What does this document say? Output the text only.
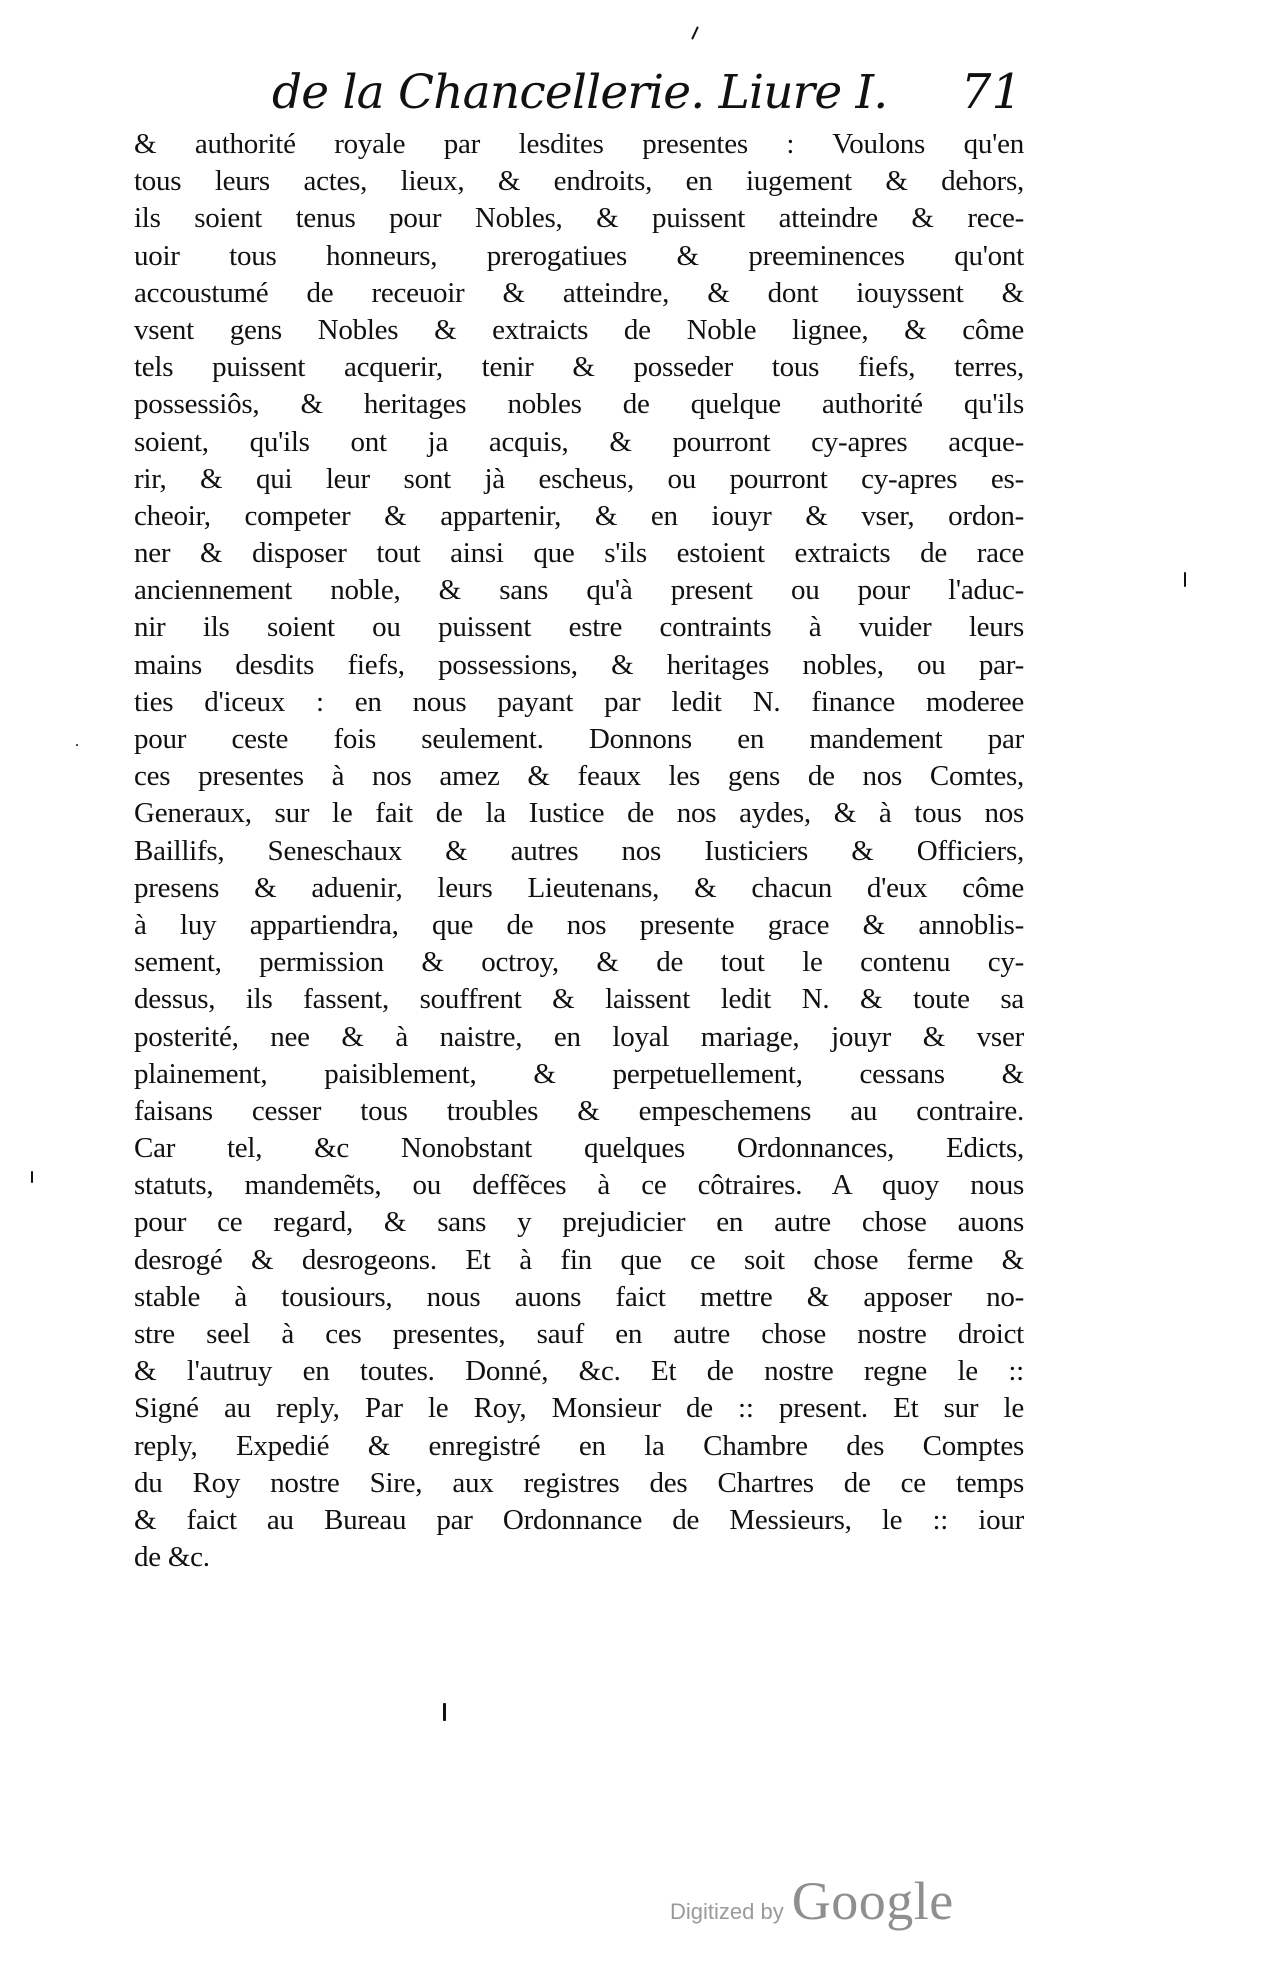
de la Chancellerie. Liure I. 71
& authorité royale par lesdites presentes : Voulons qu'en
tous leurs actes, lieux, & endroits, en iugement & dehors,
ils soient tenus pour Nobles, & puissent atteindre & rece-
uoir tous honneurs, prerogatiues & preeminences qu'ont
accoustumé de receuoir & atteindre, & dont iouyssent &
vsent gens Nobles & extraicts de Noble lignee, & côme
tels puissent acquerir, tenir & posseder tous fiefs, terres,
possessiôs, & heritages nobles de quelque authorité qu'ils
soient, qu'ils ont ja acquis, & pourront cy-apres acque-
rir, & qui leur sont jà escheus, ou pourront cy-apres es-
cheoir, competer & appartenir, & en iouyr & vser, ordon-
ner & disposer tout ainsi que s'ils estoient extraicts de race
anciennement noble, & sans qu'à present ou pour l'aduc-
nir ils soient ou puissent estre contraints à vuider leurs
mains desdits fiefs, possessions, & heritages nobles, ou par-
ties d'iceux : en nous payant par ledit N. finance moderee
pour ceste fois seulement. Donnons en mandement par
ces presentes à nos amez & feaux les gens de nos Comtes,
Generaux, sur le fait de la Iustice de nos aydes, & à tous nos
Baillifs, Seneschaux & autres nos Iusticiers & Officiers,
presens & aduenir, leurs Lieutenans, & chacun d'eux côme
à luy appartiendra, que de nos presente grace & annoblis-
sement, permission & octroy, & de tout le contenu cy-
dessus, ils fassent, souffrent & laissent ledit N. & toute sa
posterité, nee & à naistre, en loyal mariage, jouyr & vser
plainement, paisiblement, & perpetuellement, cessans &
faisans cesser tous troubles & empeschemens au contraire.
Car tel, &c Nonobstant quelques Ordonnances, Edicts,
statuts, mandemẽts, ou deffẽces à ce côtraires. A quoy nous
pour ce regard, & sans y prejudicier en autre chose auons
desrogé & desrogeons. Et à fin que ce soit chose ferme &
stable à tousiours, nous auons faict mettre & apposer no-
stre seel à ces presentes, sauf en autre chose nostre droict
& l'autruy en toutes. Donné, &c. Et de nostre regne le ::
Signé au reply, Par le Roy, Monsieur de :: present. Et sur le
reply, Expedié & enregistré en la Chambre des Comptes
du Roy nostre Sire, aux registres des Chartres de ce temps
& faict au Bureau par Ordonnance de Messieurs, le :: iour
de &c.
Digitized by Google
